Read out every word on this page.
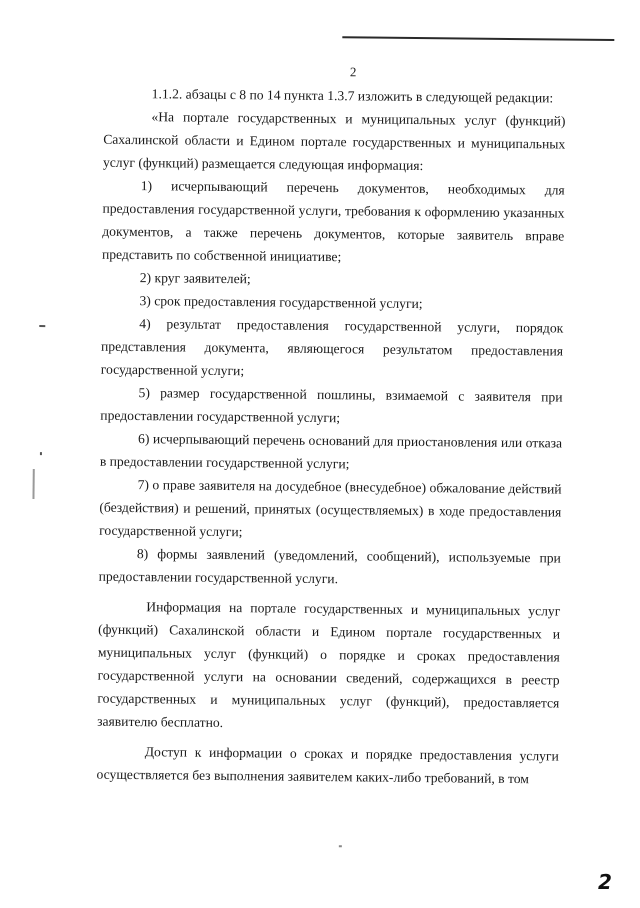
2

1.1.2. абзацы с 8 по 14 пункта 1.3.7 изложить в следующей редакции:

«На портале государственных и муниципальных услуг (функций) Сахалинской области и Едином портале государственных и муниципальных услуг (функций) размещается следующая информация:

1) исчерпывающий перечень документов, необходимых для предоставления государственной услуги, требования к оформлению указанных документов, а также перечень документов, которые заявитель вправе представить по собственной инициативе;

2) круг заявителей;

3) срок предоставления государственной услуги;

4) результат предоставления государственной услуги, порядок представления документа, являющегося результатом предоставления государственной услуги;

5) размер государственной пошлины, взимаемой с заявителя при предоставлении государственной услуги;

6) исчерпывающий перечень оснований для приостановления или отказа в предоставлении государственной услуги;

7) о праве заявителя на досудебное (внесудебное) обжалование действий (бездействия) и решений, принятых (осуществляемых) в ходе предоставления государственной услуги;

8) формы заявлений (уведомлений, сообщений), используемые при предоставлении государственной услуги.

Информация на портале государственных и муниципальных услуг (функций) Сахалинской области и Едином портале государственных и муниципальных услуг (функций) о порядке и сроках предоставления государственной услуги на основании сведений, содержащихся в реестр государственных и муниципальных услуг (функций), предоставляется заявителю бесплатно.

Доступ к информации о сроках и порядке предоставления услуги осуществляется без выполнения заявителем каких-либо требований, в том

2
